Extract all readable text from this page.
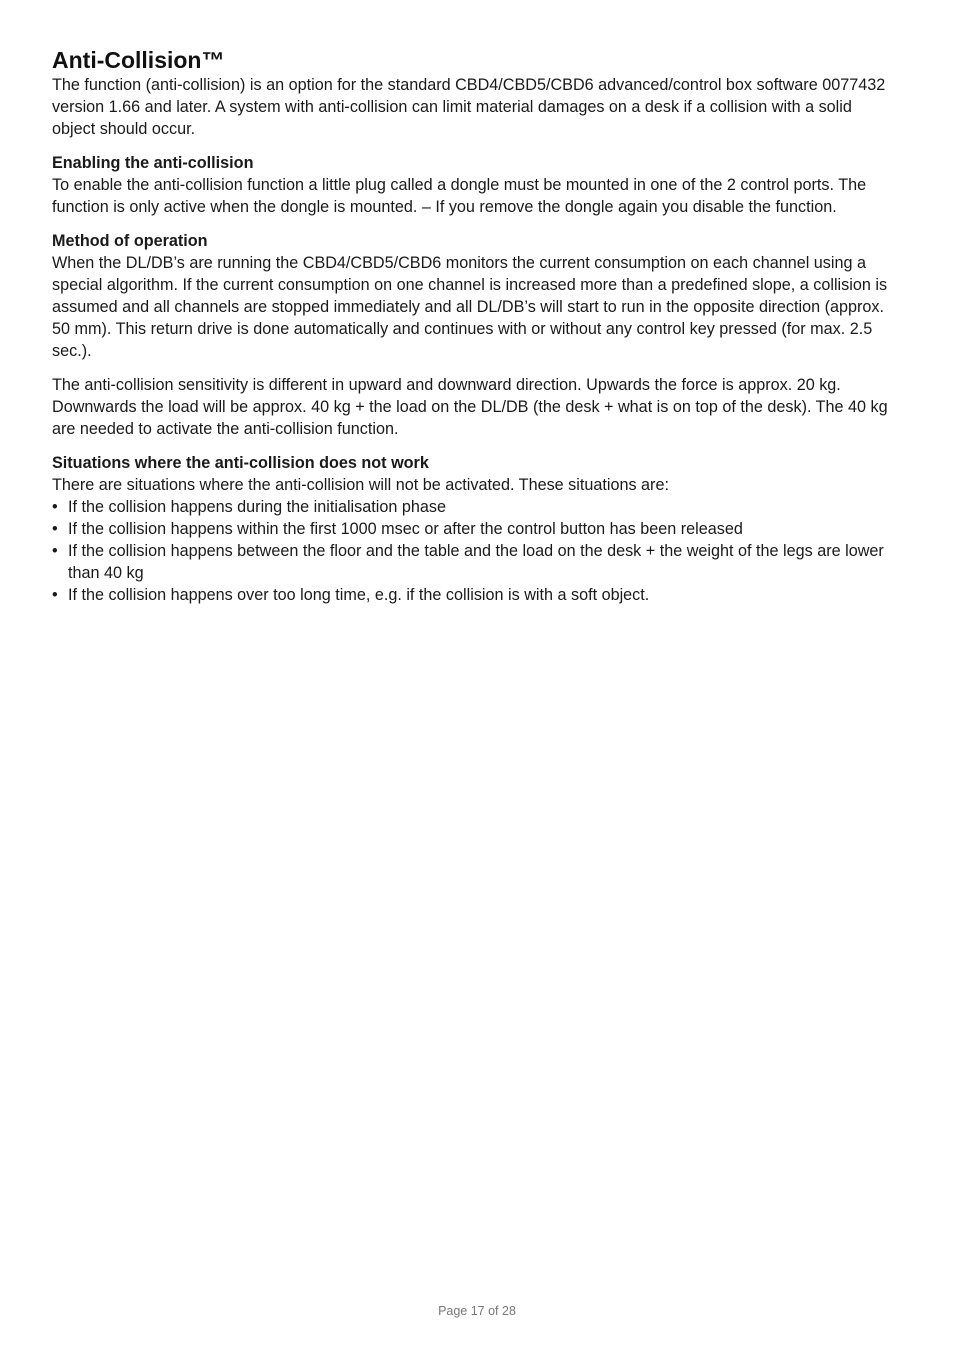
Anti-Collision™

The function (anti-collision) is an option for the standard CBD4/CBD5/CBD6 advanced/control box software 0077432 version 1.66 and later. A system with anti-collision can limit material damages on a desk if a collision with a solid object should occur.

Enabling the anti-collision

To enable the anti-collision function a little plug called a dongle must be mounted in one of the 2 control ports. The function is only active when the dongle is mounted. – If you remove the dongle again you disable the function.

Method of operation

When the DL/DB’s are running the CBD4/CBD5/CBD6 monitors the current consumption on each channel using a special algorithm. If the current consumption on one channel is increased more than a predefined slope, a collision is assumed and all channels are stopped immediately and all DL/DB’s will start to run in the opposite direction (approx. 50 mm). This return drive is done automatically and continues with or without any control key pressed (for max. 2.5 sec.).

The anti-collision sensitivity is different in upward and downward direction. Upwards the force is approx. 20 kg. Downwards the load will be approx. 40 kg + the load on the DL/DB (the desk + what is on top of the desk). The 40 kg are needed to activate the anti-collision function.

Situations where the anti-collision does not work

There are situations where the anti-collision will not be activated. These situations are:

• If the collision happens during the initialisation phase
• If the collision happens within the first 1000 msec or after the control button has been released
• If the collision happens between the floor and the table and the load on the desk + the weight of the legs are lower than 40 kg
• If the collision happens over too long time, e.g. if the collision is with a soft object.
Page 17 of 28
